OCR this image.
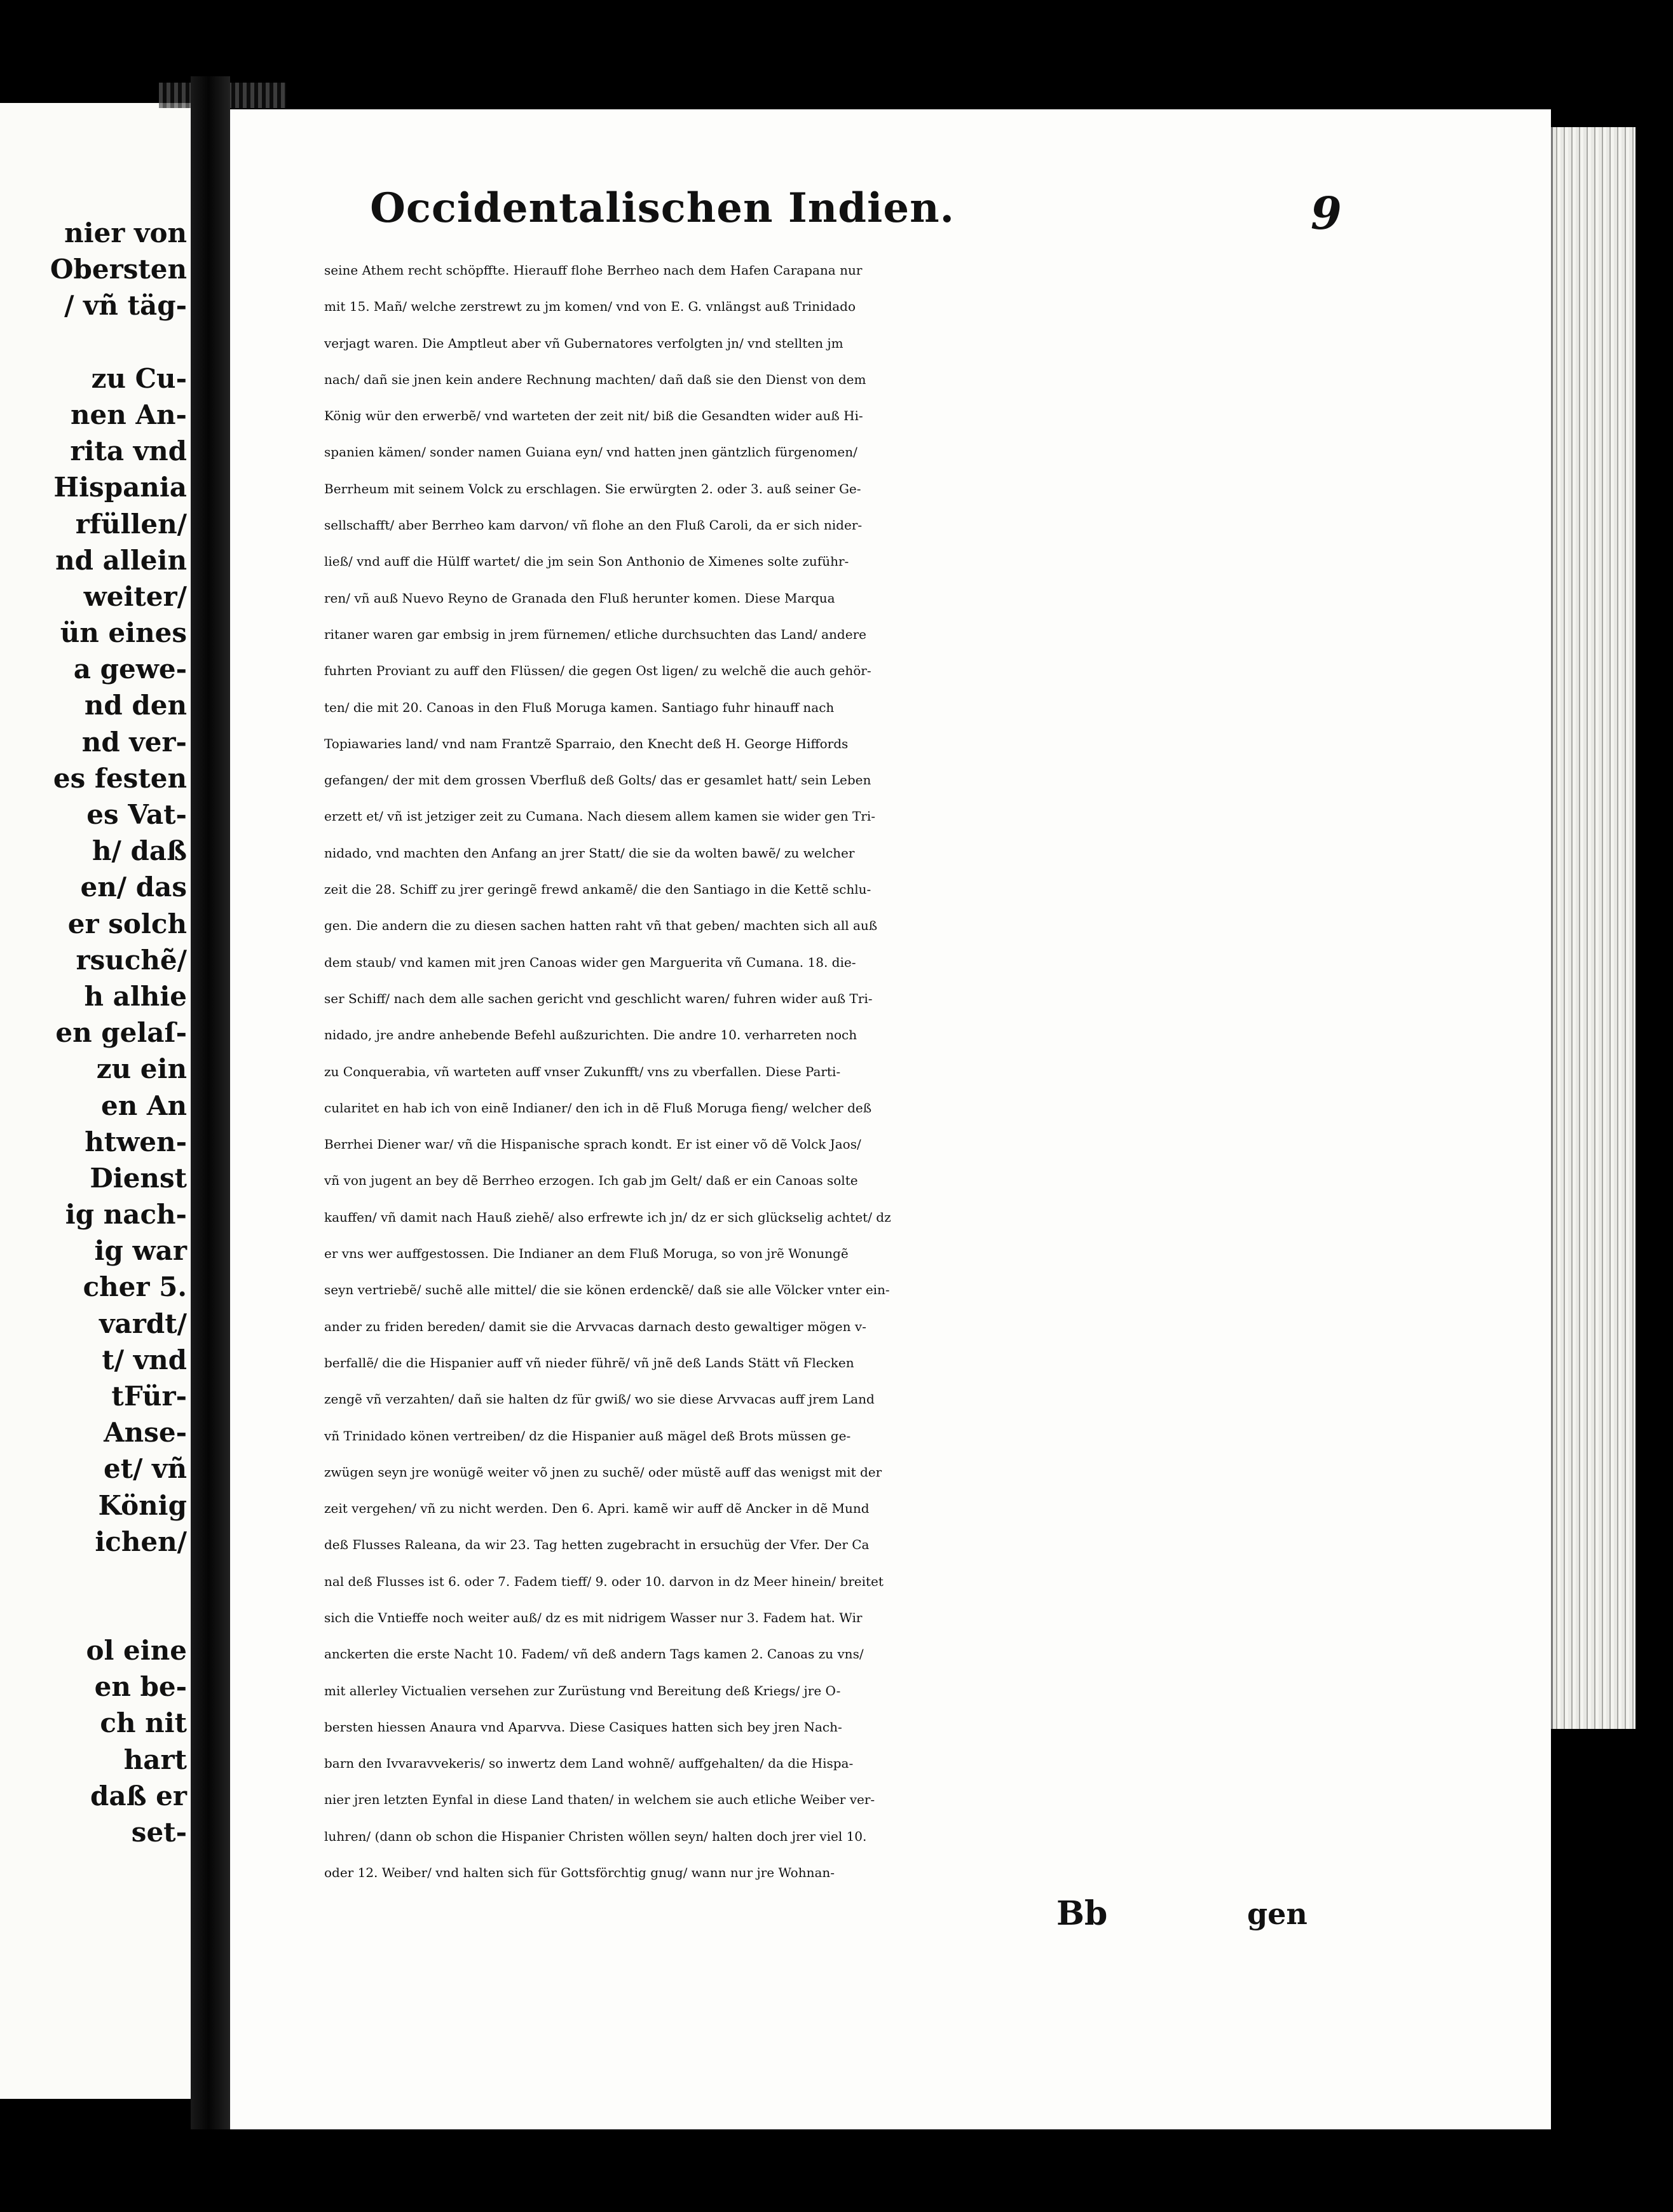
nier von
Obersten
/ vñ täg-
zu Cu-
nen An-
rita vnd
Hispania
rfüllen/
nd allein
weiter/
ün eines
a gewe-
nd den
nd ver-
es festen
es Vat-
h/ daß
en/ das
er solch
rsuchẽ/
h alhie
en gelaſ-
zu ein
en An
htwen-
Dienst
ig nach-
ig war
cher 5.
vardt/
t/ vnd
tFür-
Anse-
et/ vñ
König
ichen/
ol eine
en be-
ch nit
hart
daß er
set-
Occidentalischen Indien.	9
seine Athem recht schöpffte. Hierauff flohe Berrheo nach dem Hafen Carapana nur
mit 15. Mañ/ welche zerstrewt zu jm komen/ vnd von E. G. vnlängst auß Trinidado
verjagt waren. Die Amptleut aber vñ Gubernatores verfolgten jn/ vnd stellten jm
nach/ dañ sie jnen kein andere Rechnung machten/ dañ daß sie den Dienst von dem
König wür den erwerbẽ/ vnd warteten der zeit nit/ biß die Gesandten wider auß Hi-
spanien kämen/ sonder namen Guiana eyn/ vnd hatten jnen gäntzlich fürgenomen/
Berrheum mit seinem Volck zu erschlagen. Sie erwürgten 2. oder 3. auß seiner Ge-
sellschafft/ aber Berrheo kam darvon/ vñ flohe an den Fluß Caroli, da er sich nider-
ließ/ vnd auff die Hülff wartet/ die jm sein Son Anthonio de Ximenes solte zuführ-
ren/ vñ auß Nuevo Reyno de Granada den Fluß herunter komen. Diese Marqua
ritaner waren gar embsig in jrem fürnemen/ etliche durchsuchten das Land/ andere
fuhrten Proviant zu auff den Flüssen/ die gegen Ost ligen/ zu welchẽ die auch gehör-
ten/ die mit 20. Canoas in den Fluß Moruga kamen. Santiago fuhr hinauff nach
Topiawaries land/ vnd nam Frantzẽ Sparraio, den Knecht deß H. George Hiffords
gefangen/ der mit dem grossen Vberfluß deß Golts/ das er gesamlet hatt/ sein Leben
erzett et/ vñ ist jetziger zeit zu Cumana. Nach diesem allem kamen sie wider gen Tri-
nidado, vnd machten den Anfang an jrer Statt/ die sie da wolten bawẽ/ zu welcher
zeit die 28. Schiff zu jrer geringẽ frewd ankamẽ/ die den Santiago in die Kettẽ schlu-
gen. Die andern die zu diesen sachen hatten raht vñ that geben/ machten sich all auß
dem staub/ vnd kamen mit jren Canoas wider gen Marguerita vñ Cumana. 18. die-
ser Schiff/ nach dem alle sachen gericht vnd geschlicht waren/ fuhren wider auß Tri-
nidado, jre andre anhebende Befehl außzurichten. Die andre 10. verharreten noch
zu Conquerabia, vñ warteten auff vnser Zukunfft/ vns zu vberfallen. Diese Parti-
cularitet en hab ich von einẽ Indianer/ den ich in dẽ Fluß Moruga fieng/ welcher deß
Berrhei Diener war/ vñ die Hispanische sprach kondt. Er ist einer võ dẽ Volck Jaos/
vñ von jugent an bey dẽ Berrheo erzogen. Ich gab jm Gelt/ daß er ein Canoas solte
kauffen/ vñ damit nach Hauß ziehẽ/ also erfrewte ich jn/ dz er sich glückselig achtet/ dz
er vns wer auffgestossen. Die Indianer an dem Fluß Moruga, so von jrẽ Wonungẽ
seyn vertriebẽ/ suchẽ alle mittel/ die sie könen erdenckẽ/ daß sie alle Völcker vnter ein-
ander zu friden bereden/ damit sie die Arvvacas darnach desto gewaltiger mögen v-
berfallẽ/ die die Hispanier auff vñ nieder führẽ/ vñ jnẽ deß Lands Stätt vñ Flecken
zengẽ vñ verzahten/ dañ sie halten dz für gwiß/ wo sie diese Arvvacas auff jrem Land
vñ Trinidado könen vertreiben/ dz die Hispanier auß mägel deß Brots müssen ge-
zwügen seyn jre wonügẽ weiter võ jnen zu suchẽ/ oder müstẽ auff das wenigst mit der
zeit vergehen/ vñ zu nicht werden. Den 6. Apri. kamẽ wir auff dẽ Ancker in dẽ Mund
deß Flusses Raleana, da wir 23. Tag hetten zugebracht in ersuchüg der Vfer. Der Ca
nal deß Flusses ist 6. oder 7. Fadem tieff/ 9. oder 10. darvon in dz Meer hinein/ breitet
sich die Vntieffe noch weiter auß/ dz es mit nidrigem Wasser nur 3. Fadem hat. Wir
anckerten die erste Nacht 10. Fadem/ vñ deß andern Tags kamen 2. Canoas zu vns/
mit allerley Victualien versehen zur Zurüstung vnd Bereitung deß Kriegs/ jre O-
bersten hiessen Anaura vnd Aparvva. Diese Casiques hatten sich bey jren Nach-
barn den Ivvaravvekeris/ so inwertz dem Land wohnẽ/ auffgehalten/ da die Hispa-
nier jren letzten Eynfal in diese Land thaten/ in welchem sie auch etliche Weiber ver-
luhren/ (dann ob schon die Hispanier Christen wöllen seyn/ halten doch jrer viel 10.
oder 12. Weiber/ vnd halten sich für Gottsförchtig gnug/ wann nur jre Wohnan-
Bb	gen
